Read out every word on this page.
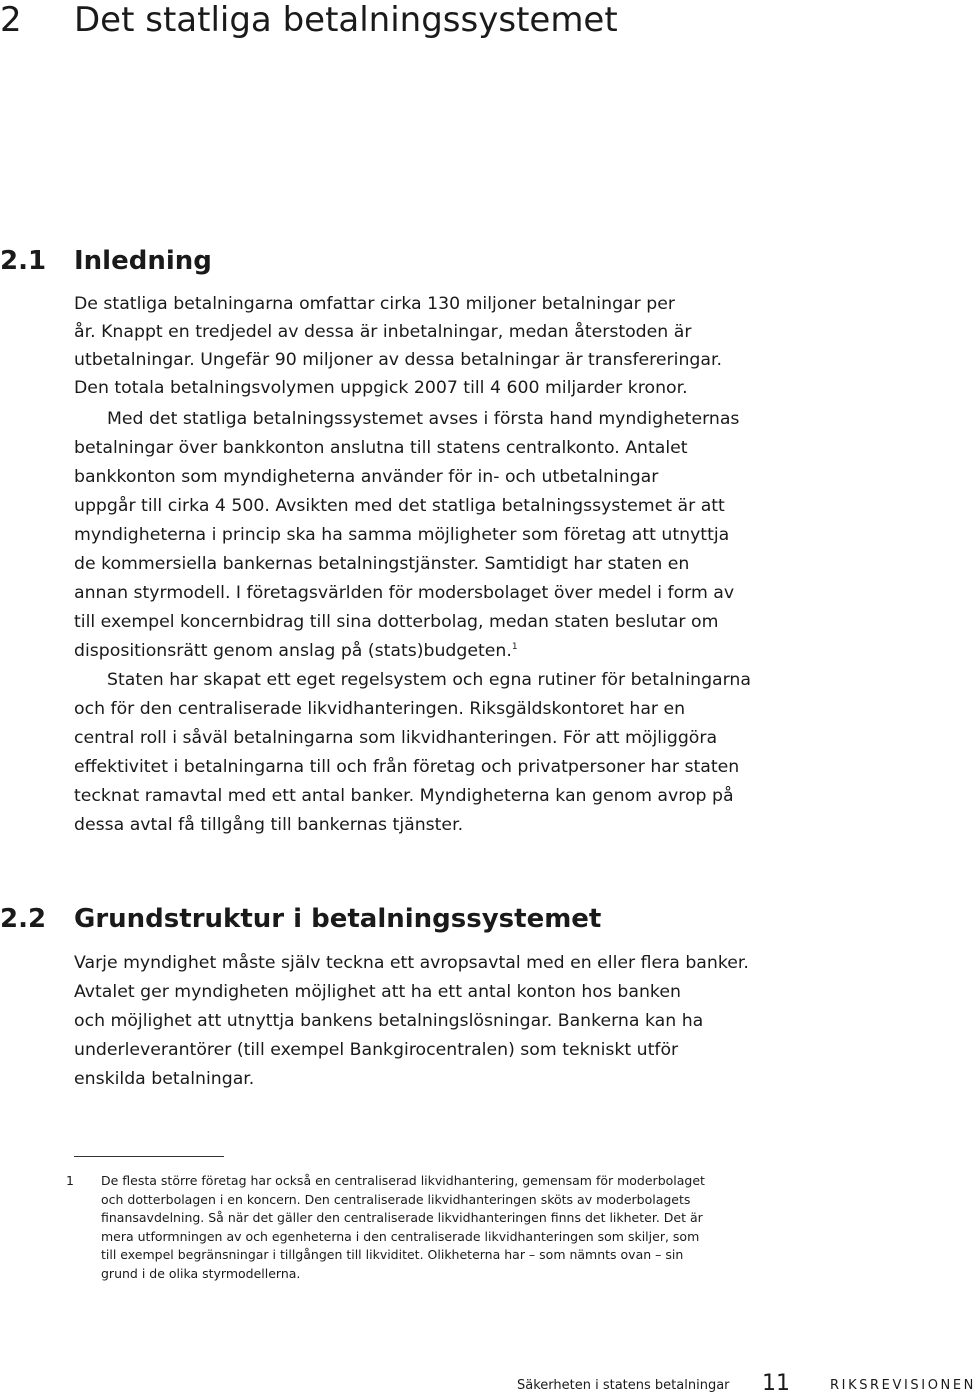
2 Det statliga betalningssystemet
2.1 Inledning
De statliga betalningarna omfattar cirka 130 miljoner betalningar per
år. Knappt en tredjedel av dessa är inbetalningar, medan återstoden är
utbetalningar. Ungefär 90 miljoner av dessa betalningar är transfereringar.
Den totala betalningsvolymen uppgick 2007 till 4 600 miljarder kronor.
Med det statliga betalningssystemet avses i första hand myndigheternas
betalningar över bankkonton anslutna till statens centralkonto. Antalet
bankkonton som myndigheterna använder för in- och utbetalningar
uppgår till cirka 4 500. Avsikten med det statliga betalningssystemet är att
myndigheterna i princip ska ha samma möjligheter som företag att utnyttja
de kommersiella bankernas betalningstjänster. Samtidigt har staten en
annan styrmodell. I företagsvärlden för modersbolaget över medel i form av
till exempel koncernbidrag till sina dotterbolag, medan staten beslutar om
dispositionsrätt genom anslag på (stats)budgeten.$^1$
Staten har skapat ett eget regelsystem och egna rutiner för betalningarna
och för den centraliserade likvidhanteringen. Riksgäldskontoret har en
central roll i såväl betalningarna som likvidhanteringen. För att möjliggöra
effektivitet i betalningarna till och från företag och privatpersoner har staten
tecknat ramavtal med ett antal banker. Myndigheterna kan genom avrop på
dessa avtal få tillgång till bankernas tjänster.
2.2 Grundstruktur i betalningssystemet
Varje myndighet måste själv teckna ett avropsavtal med en eller flera banker.
Avtalet ger myndigheten möjlighet att ha ett antal konton hos banken
och möjlighet att utnyttja bankens betalningslösningar. Bankerna kan ha
underleverantörer (till exempel Bankgirocentralen) som tekniskt utför
enskilda betalningar.
1 De flesta större företag har också en centraliserad likvidhantering, gemensam för moderbolaget
och dotterbolagen i en koncern. Den centraliserade likvidhanteringen sköts av moderbolagets
finansavdelning. Så när det gäller den centraliserade likvidhanteringen finns det likheter. Det är
mera utformningen av och egenheterna i den centraliserade likvidhanteringen som skiljer, som
till exempel begränsningar i tillgången till likviditet. Olikheterna har – som nämnts ovan – sin
grund i de olika styrmodellerna.
Säkerheten i statens betalningar 11	RIKSREVISIONEN
